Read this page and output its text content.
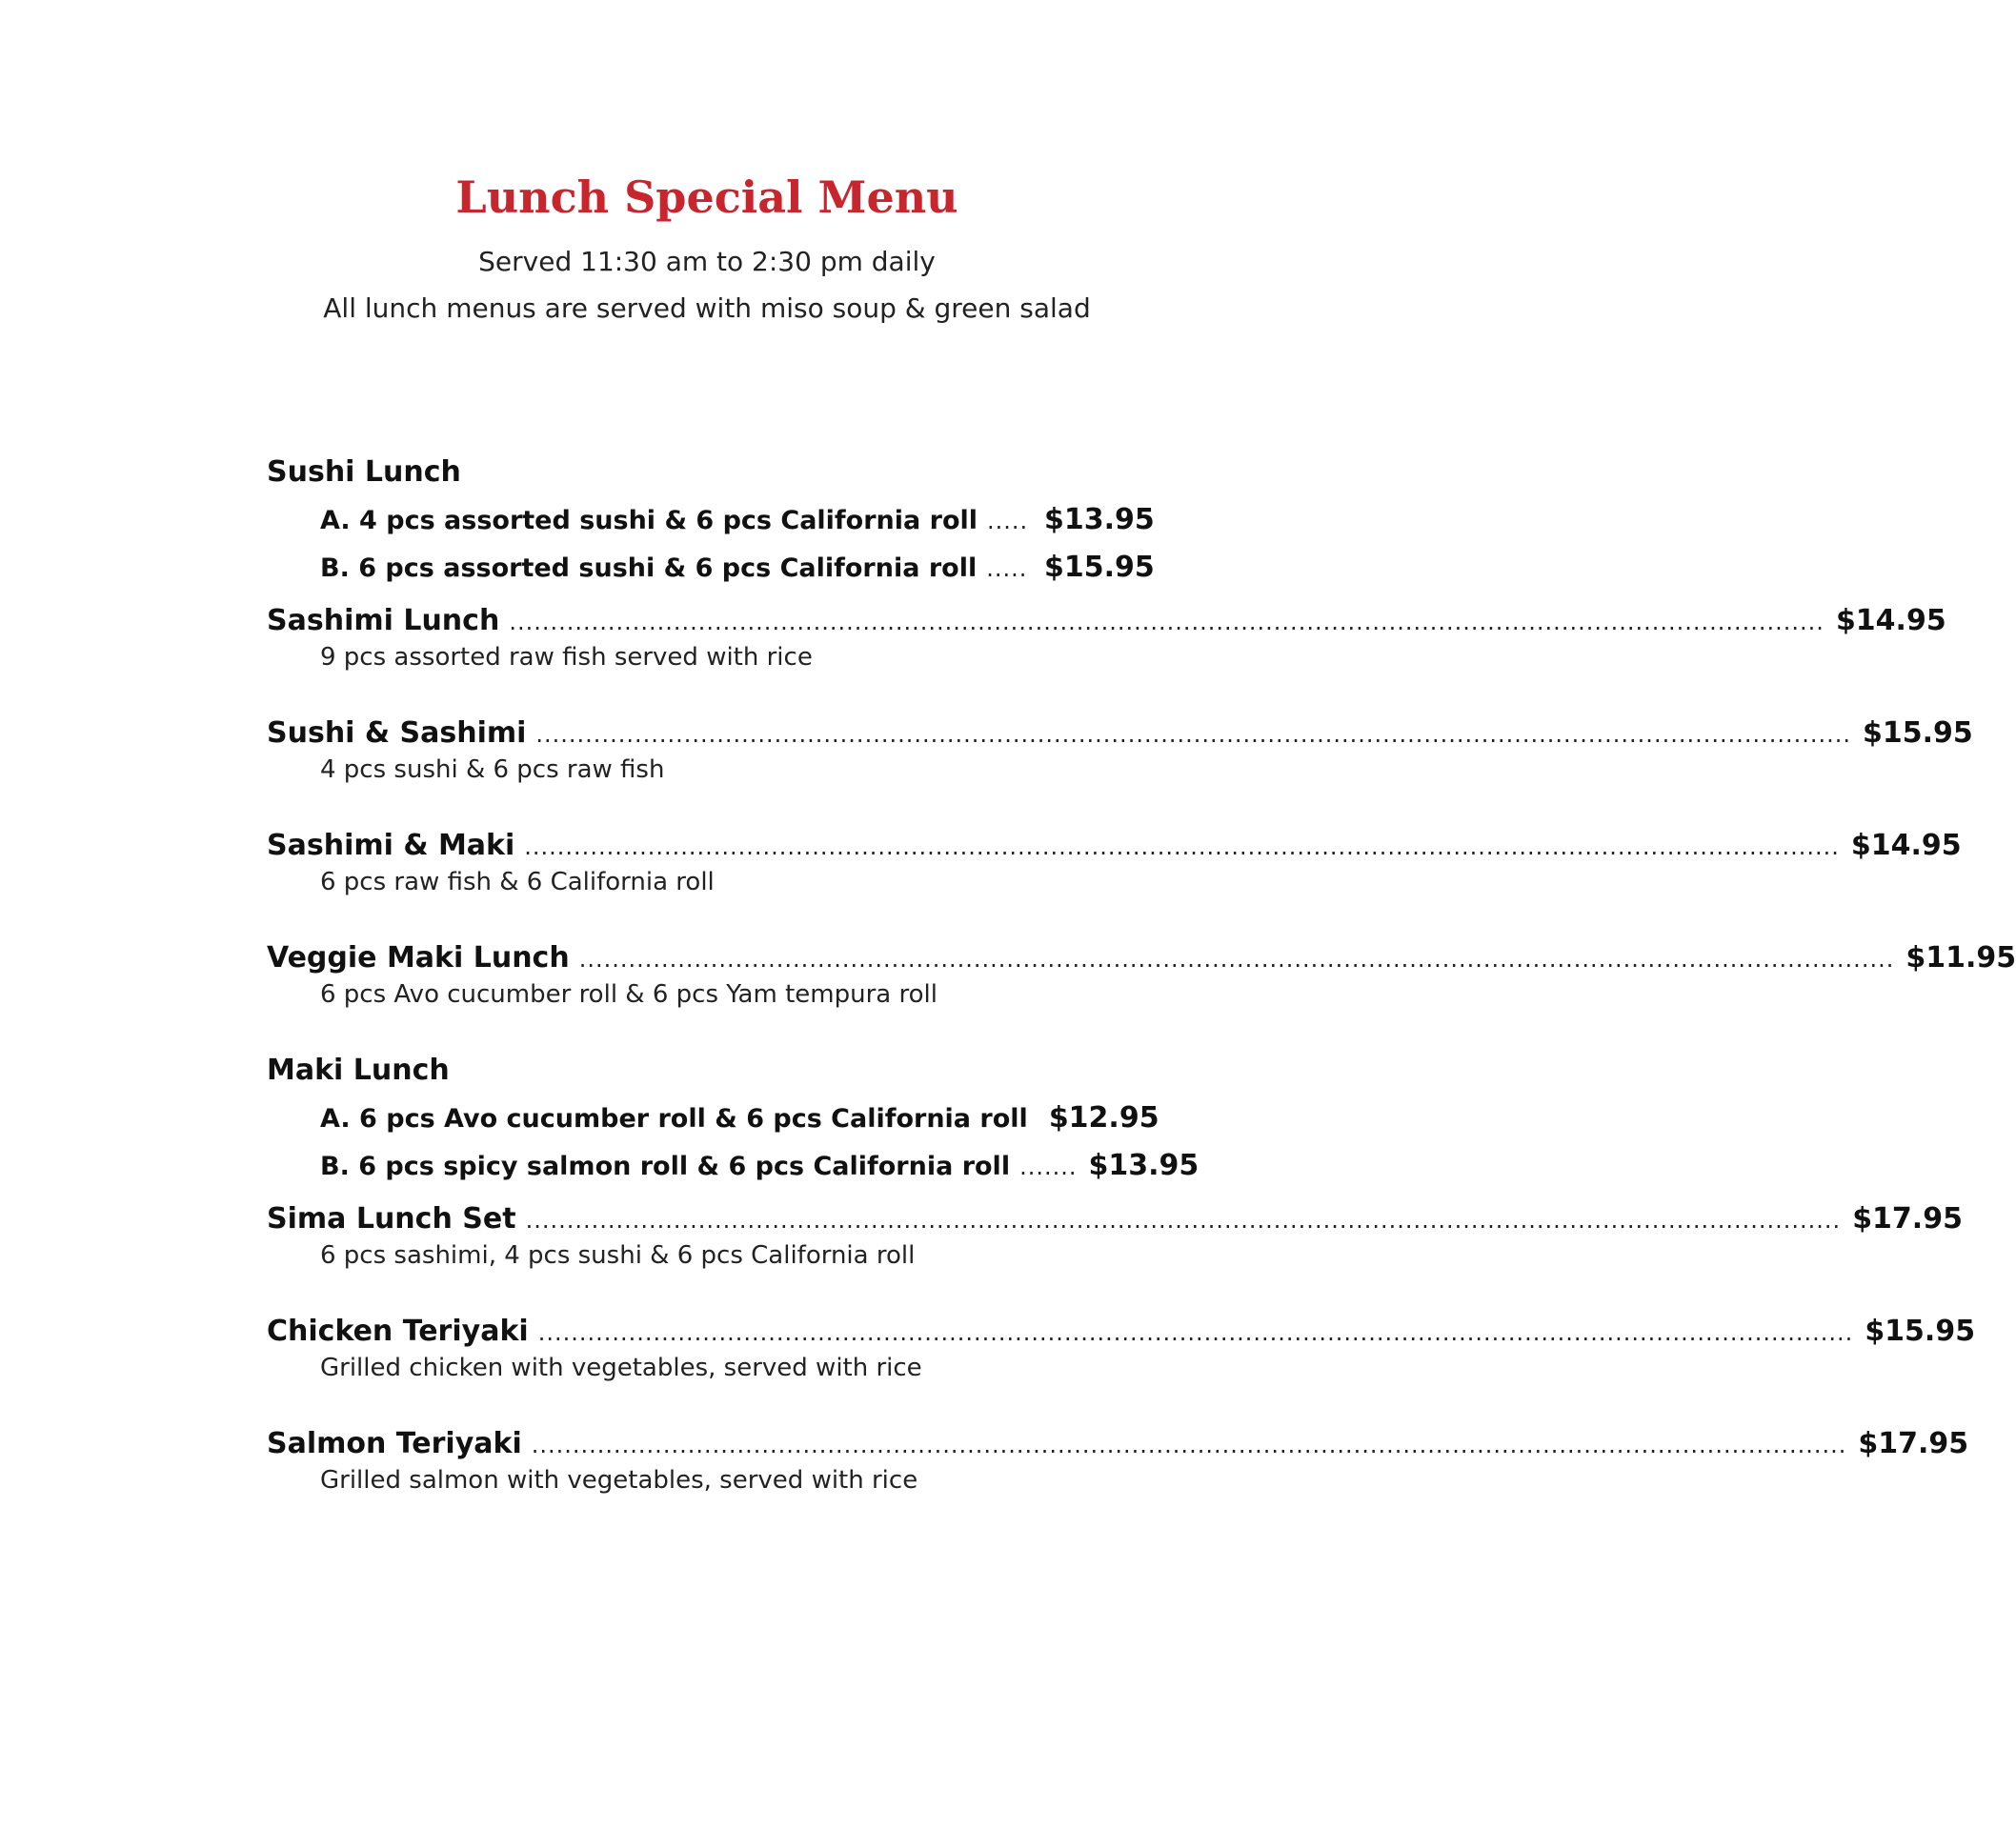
Lunch Special Menu
Served 11:30 am to 2:30 pm daily
All lunch menus are served with miso soup & green salad
Sushi Lunch
A. 4 pcs assorted sushi & 6 pcs California roll ..... $13.95
B. 6 pcs assorted sushi & 6 pcs California roll ..... $15.95
Sashimi Lunch ................................................................................................................................................................ $14.95
9 pcs assorted raw fish served with rice
Sushi & Sashimi ................................................................................................................................................................ $15.95
4 pcs sushi & 6 pcs raw fish
Sashimi & Maki ................................................................................................................................................................ $14.95
6 pcs raw fish & 6 California roll
Veggie Maki Lunch ................................................................................................................................................................ $11.95
6 pcs Avo cucumber roll & 6 pcs Yam tempura roll
Maki Lunch
A. 6 pcs Avo cucumber roll & 6 pcs California roll $12.95
B. 6 pcs spicy salmon roll & 6 pcs California roll ....... $13.95
Sima Lunch Set ................................................................................................................................................................ $17.95
6 pcs sashimi, 4 pcs sushi & 6 pcs California roll
Chicken Teriyaki ................................................................................................................................................................ $15.95
Grilled chicken with vegetables, served with rice
Salmon Teriyaki ................................................................................................................................................................ $17.95
Grilled salmon with vegetables, served with rice
